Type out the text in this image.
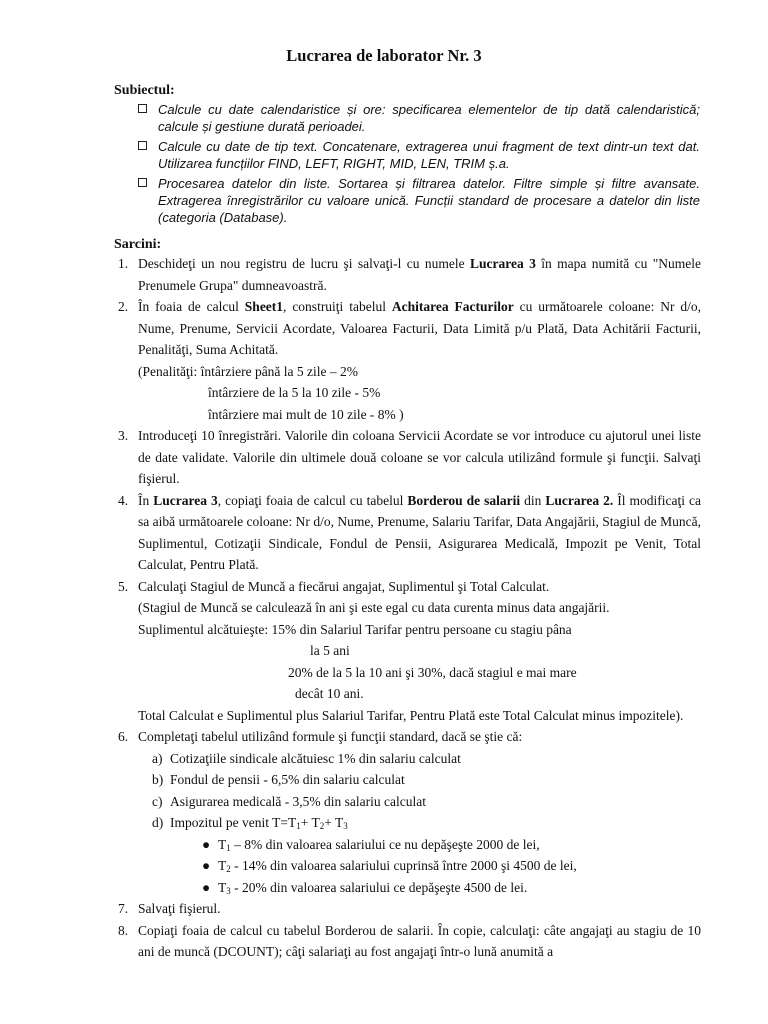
Lucrarea de laborator Nr. 3
Subiectul:
Calcule cu date calendaristice și ore: specificarea elementelor de tip dată calendaristică; calcule și gestiune durată perioadei.
Calcule cu date de tip text. Concatenare, extragerea unui fragment de text dintr-un text dat. Utilizarea funcțiilor FIND, LEFT, RIGHT, MID, LEN, TRIM ș.a.
Procesarea datelor din liste. Sortarea și filtrarea datelor. Filtre simple și filtre avansate. Extragerea înregistrărilor cu valoare unică. Funcții standard de procesare a datelor din liste (categoria (Database).
Sarcini:
1. Deschideţi un nou registru de lucru şi salvaţi-l cu numele Lucrarea 3 în mapa numită cu "Numele Prenumele Grupa" dumneavoastră.
2. În foaia de calcul Sheet1, construiţi tabelul Achitarea Facturilor cu următoarele coloane: Nr d/o, Nume, Prenume, Servicii Acordate, Valoarea Facturii, Data Limită p/u Plată, Data Achitării Facturii, Penalităţi, Suma Achitată.
(Penalităţi: întârziere până la 5 zile – 2%
întârziere de la 5 la 10 zile - 5%
întârziere mai mult de 10 zile - 8% )
3. Introduceţi 10 înregistrări. Valorile din coloana Servicii Acordate se vor introduce cu ajutorul unei liste de date validate. Valorile din ultimele două coloane se vor calcula utilizând formule şi funcţii. Salvaţi fişierul.
4. În Lucrarea 3, copiaţi foaia de calcul cu tabelul Borderou de salarii din Lucrarea 2. Îl modificaţi ca sa aibă următoarele coloane: Nr d/o, Nume, Prenume, Salariu Tarifar, Data Angajării, Stagiul de Muncă, Suplimentul, Cotizaţii Sindicale, Fondul de Pensii, Asigurarea Medicală, Impozit pe Venit, Total Calculat, Pentru Plată.
5. Calculaţi Stagiul de Muncă a fiecărui angajat, Suplimentul şi Total Calculat.
(Stagiul de Muncă se calculează în ani şi este egal cu data curenta minus data angajării.
Suplimentul alcătuieşte: 15% din Salariul Tarifar pentru persoane cu stagiu pâna
la 5 ani
20% de la 5 la 10 ani şi 30%, dacă stagiul e mai mare
decât 10 ani.
Total Calculat e Suplimentul plus Salariul Tarifar, Pentru Plată este Total Calculat minus impozitele).
6. Completaţi tabelul utilizând formule şi funcţii standard, dacă se ştie că:
a) Cotizaţiile sindicale alcătuiesc 1% din salariu calculat
b) Fondul de pensii - 6,5% din salariu calculat
c) Asigurarea medicală - 3,5% din salariu calculat
d) Impozitul pe venit $T=T_1+ T_2+ T_3$
● $T_1 - 8\%$ din valoarea salariului ce nu depăşeşte 2000 de lei,
● $T_2 - 14\%$ din valoarea salariului cuprinsă între 2000 şi 4500 de lei,
● $T_3 - 20\%$ din valoarea salariului ce depăşeşte 4500 de lei.
7. Salvaţi fişierul.
8. Copiaţi foaia de calcul cu tabelul Borderou de salarii. În copie, calculaţi: câte angajaţi au stagiu de 10 ani de muncă (DCOUNT); câţi salariaţi au fost angajaţi într-o lună anumită a
